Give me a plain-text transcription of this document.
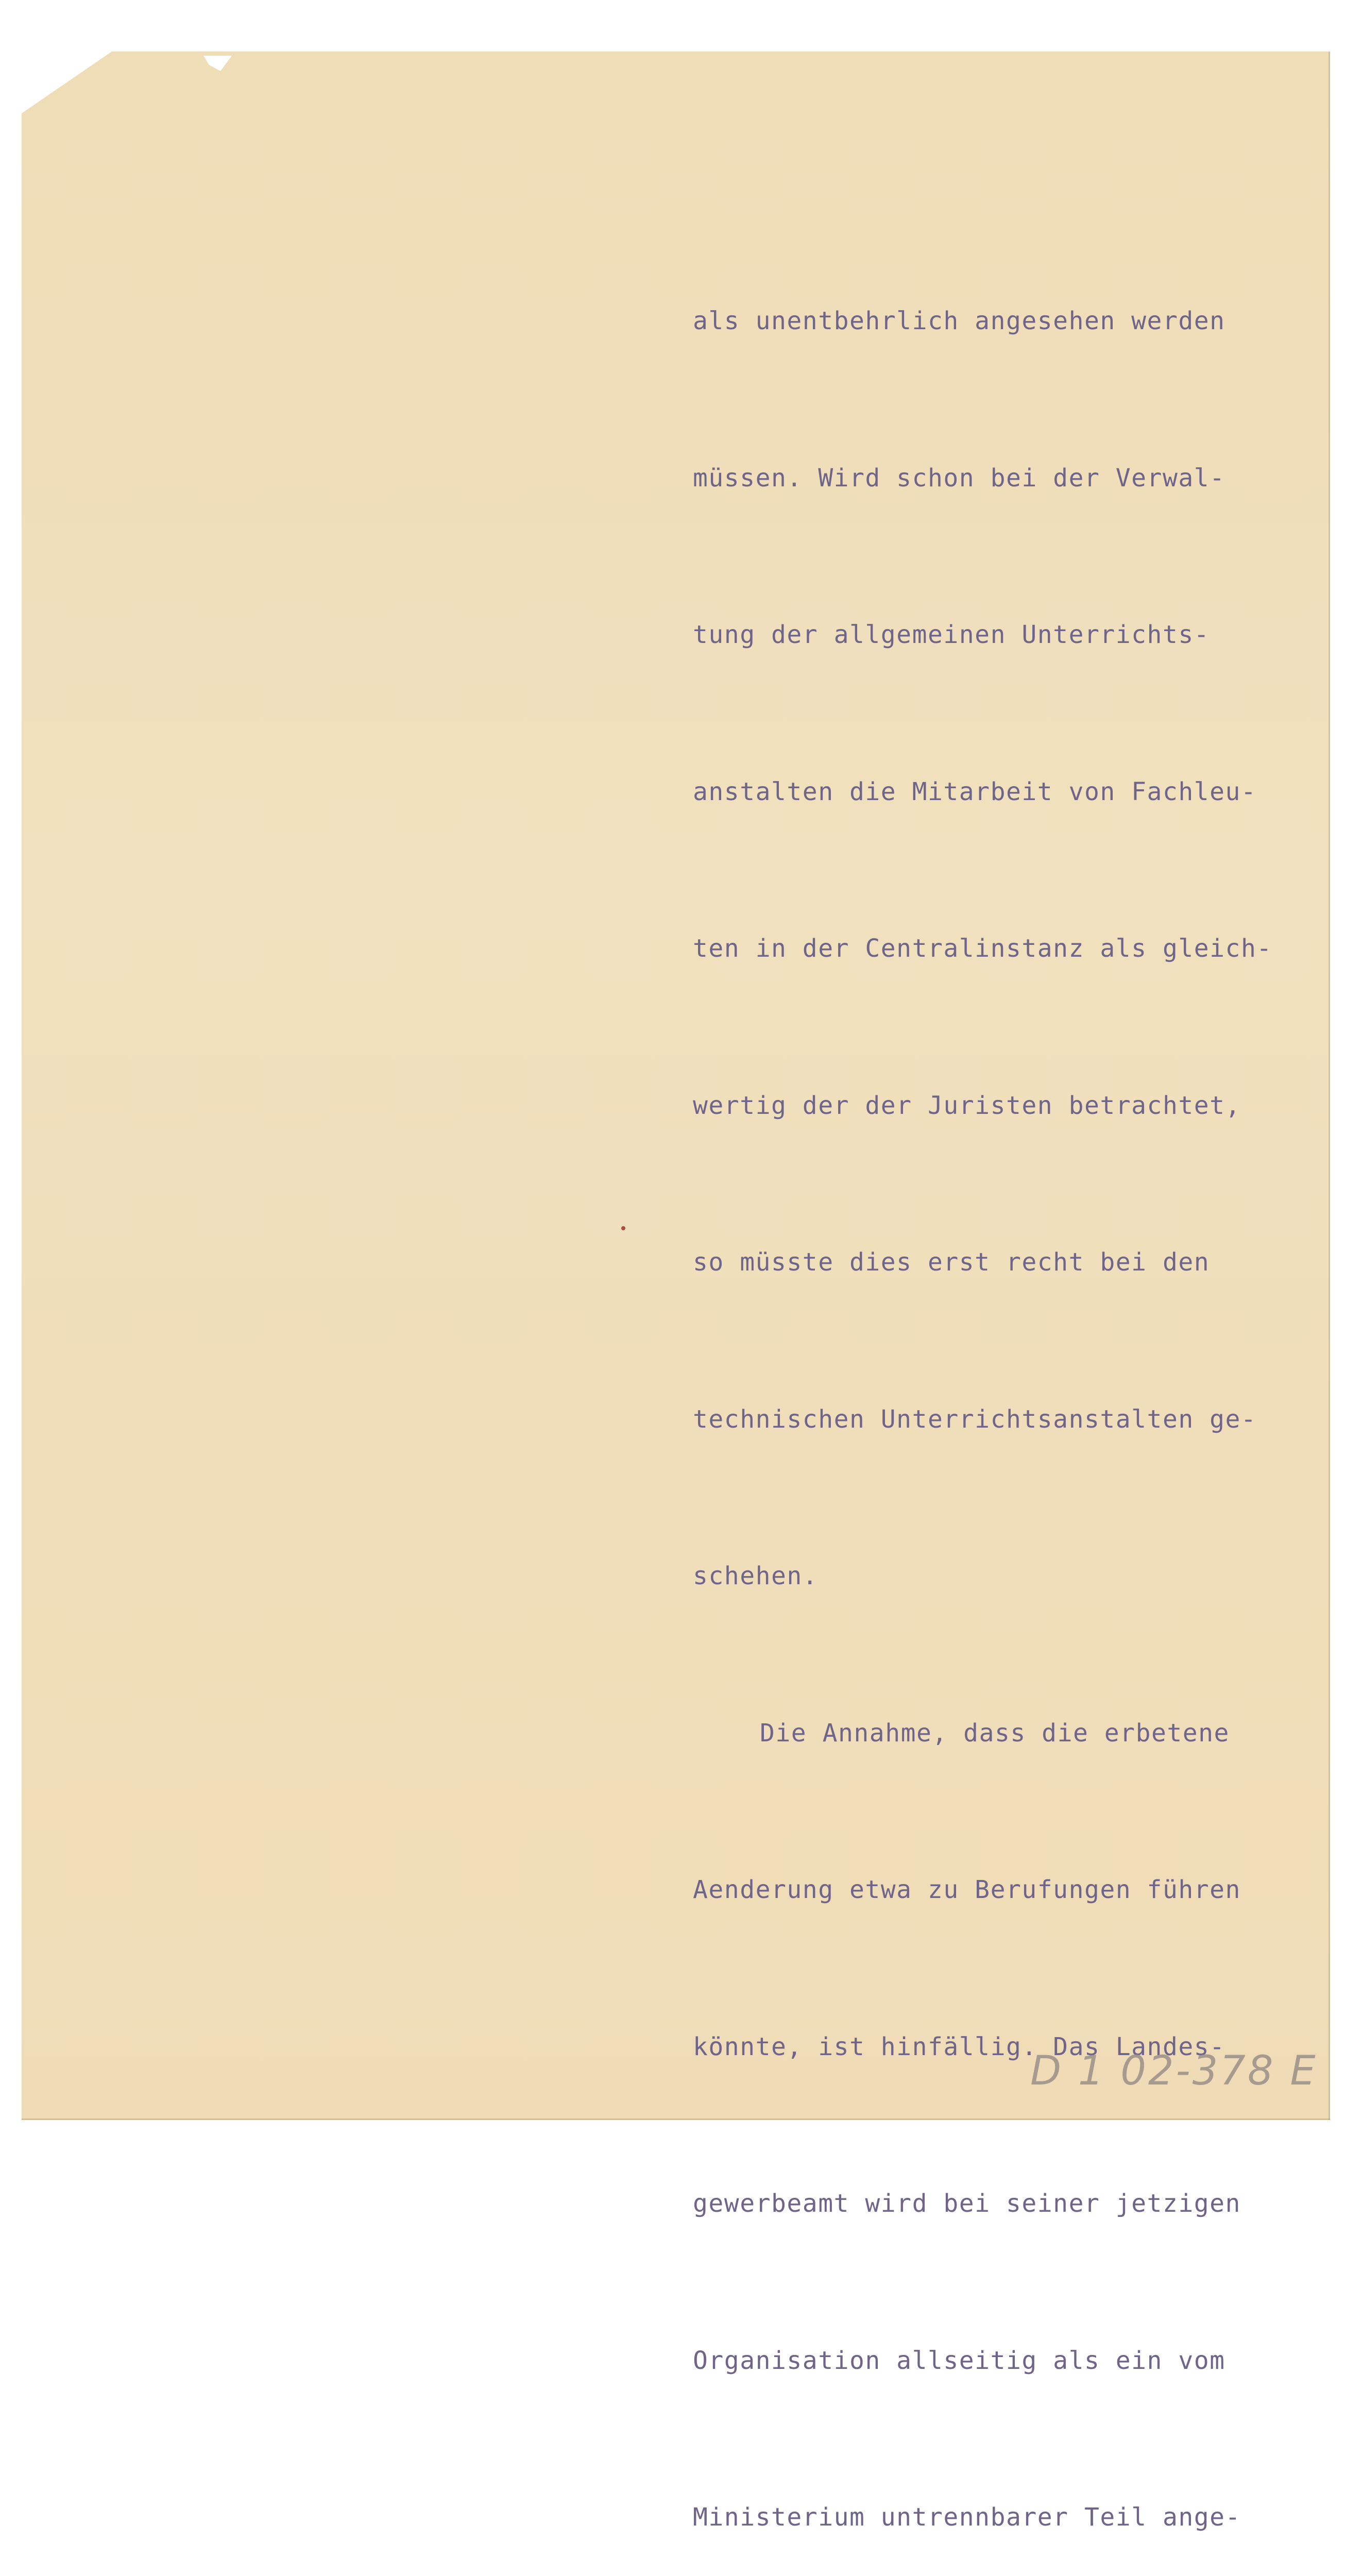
als unentbehrlich angesehen werden

müssen. Wird schon bei der Verwal-

tung der allgemeinen Unterrichts-

anstalten die Mitarbeit von Fachleu-

ten in der Centralinstanz als gleich-

wertig der der Juristen betrachtet,

so müsste dies erst recht bei den

technischen Unterrichtsanstalten ge-

schehen.

Die Annahme, dass die erbetene

Aenderung etwa zu Berufungen führen

könnte, ist hinfällig. Das Landes-

gewerbeamt wird bei seiner jetzigen

Organisation allseitig als ein vom

Ministerium untrennbarer Teil ange-

D 1 02-378 E
